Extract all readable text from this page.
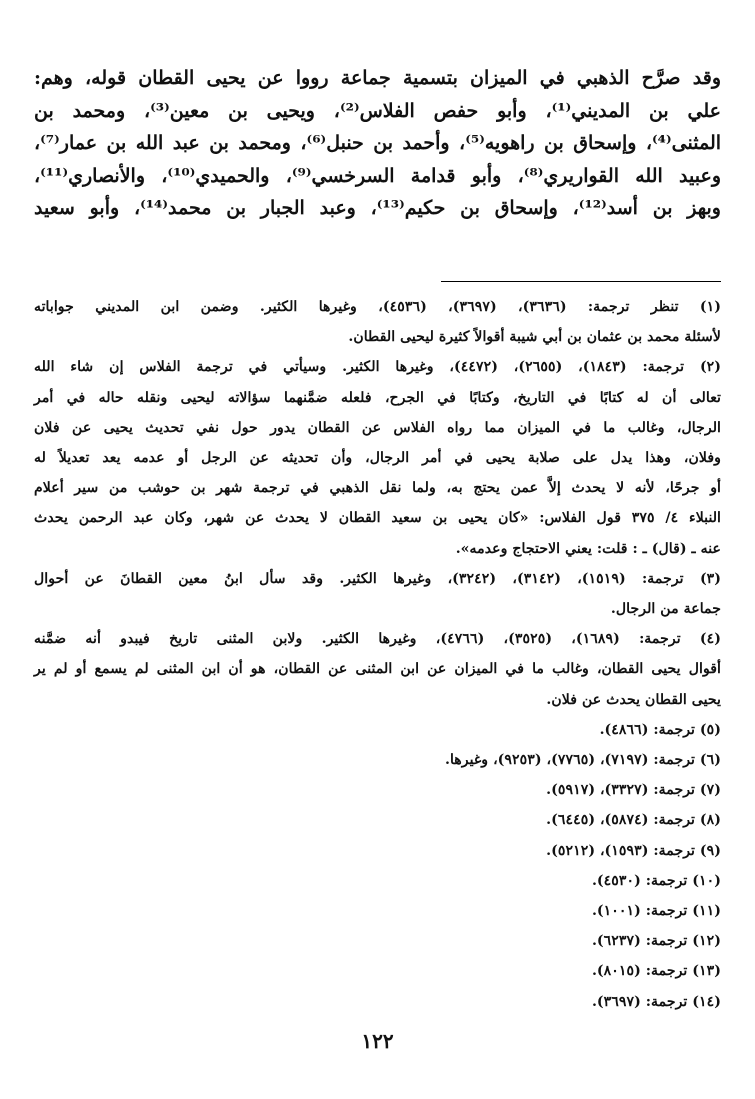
وقد صرَّح الذهبي في الميزان بتسمية جماعة رووا عن يحيى القطان قوله، وهم:
علي بن المديني⁽¹⁾، وأبو حفص الفلاس⁽²⁾، ويحيى بن معين⁽³⁾، ومحمد بن
المثنى⁽⁴⁾، وإسحاق بن راهويه⁽⁵⁾، وأحمد بن حنبل⁽⁶⁾، ومحمد بن عبد الله بن عمار⁽⁷⁾،
وعبيد الله القواريري⁽⁸⁾، وأبو قدامة السرخسي⁽⁹⁾، والحميدي⁽¹⁰⁾، والأنصاري⁽¹¹⁾،
وبهز بن أسد⁽¹²⁾، وإسحاق بن حكيم⁽¹³⁾، وعبد الجبار بن محمد⁽¹⁴⁾، وأبو سعيد
(١) تنظر ترجمة: (٣٦٣٦)، (٣٦٩٧)، (٤٥٣٦)، وغيرها الكثير. وضمن ابن المديني جواباته
لأسئلة محمد بن عثمان بن أبي شيبة أقوالاً كثيرة ليحيى القطان.
(٢) ترجمة: (١٨٤٣)، (٢٦٥٥)، (٤٤٧٢)، وغيرها الكثير. وسيأتي في ترجمة الفلاس إن شاء الله
تعالى أن له كتابًا في التاريخ، وكتابًا في الجرح، فلعله ضمَّنهما سؤالاته ليحيى ونقله حاله في أمر
الرجال، وغالب ما في الميزان مما رواه الفلاس عن القطان يدور حول نفي تحديث يحيى عن فلان
وفلان، وهذا يدل على صلابة يحيى في أمر الرجال، وأن تحديثه عن الرجل أو عدمه يعد تعديلاً له
أو جرحًا، لأنه لا يحدث إلاَّ عمن يحتج به، ولما نقل الذهبي في ترجمة شهر بن حوشب من سير أعلام
النبلاء ٤/ ٣٧٥ قول الفلاس: «كان يحيى بن سعيد القطان لا يحدث عن شهر، وكان عبد الرحمن يحدث
عنه ـ (قال) ـ : قلت: يعني الاحتجاج وعدمه».
(٣) ترجمة: (١٥١٩)، (٣١٤٢)، (٣٢٤٢)، وغيرها الكثير. وقد سأل ابنُ معين القطانَ عن أحوال
جماعة من الرجال.
(٤) ترجمة: (١٦٨٩)، (٣٥٢٥)، (٤٧٦٦)، وغيرها الكثير. ولابن المثنى تاريخ فيبدو أنه ضمَّنه
أقوال يحيى القطان، وغالب ما في الميزان عن ابن المثنى عن القطان، هو أن ابن المثنى لم يسمع أو لم ير
يحيى القطان يحدث عن فلان.
(٥) ترجمة: (٤٨٦٦).
(٦) ترجمة: (٧١٩٧)، (٧٧٦٥)، (٩٢٥٣)، وغيرها.
(٧) ترجمة: (٣٣٢٧)، (٥٩١٧).
(٨) ترجمة: (٥٨٧٤)، (٦٤٤٥).
(٩) ترجمة: (١٥٩٣)، (٥٢١٢).
(١٠) ترجمة: (٤٥٣٠).
(١١) ترجمة: (١٠٠١).
(١٢) ترجمة: (٦٢٣٧).
(١٣) ترجمة: (٨٠١٥).
(١٤) ترجمة: (٣٦٩٧).
١٢٢
